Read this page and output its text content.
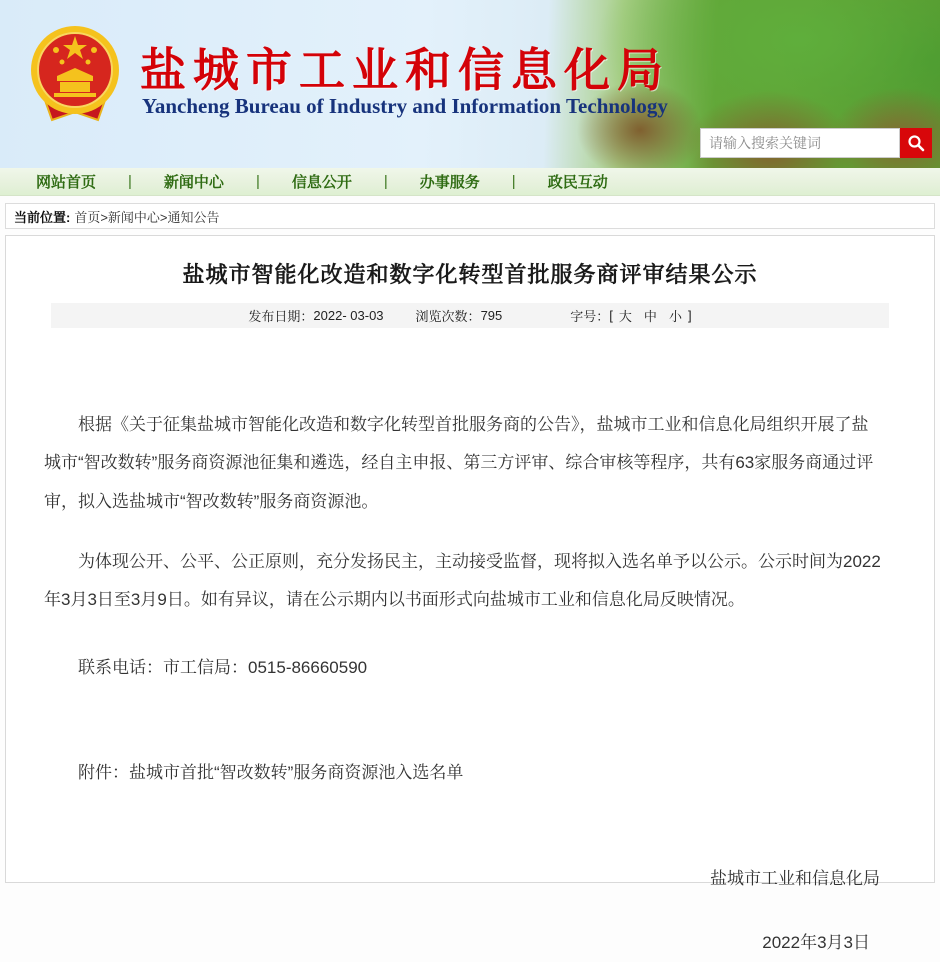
盐城市工业和信息化局
Yancheng Bureau of Industry and Information Technology
请输入搜索关键词
网站首页	|	新闻中心	|	信息公开	|	办事服务	|	政民互动
当前位置: 首页>新闻中心>通知公告
盐城市智能化改造和数字化转型首批服务商评审结果公示
发布日期： 2022- 03-03 浏览次数： 795	字号： [ 大 中 小 ]

根据《关于征集盐城市智能化改造和数字化转型首批服务商的公告》，盐城市工业和信息化局组织开展了盐城市“智改数转”服务商资源池征集和遴选，经自主申报、第三方评审、综合审核等程序，共有63家服务商通过评审，拟入选盐城市“智改数转”服务商资源池。

为体现公开、公平、公正原则，充分发扬民主，主动接受监督，现将拟入选名单予以公示。公示时间为2022年3月3日至3月9日。如有异议，请在公示期内以书面形式向盐城市工业和信息化局反映情况。

联系电话：市工信局：0515-86660590

附件：盐城市首批“智改数转”服务商资源池入选名单

盐城市工业和信息化局

2022年3月3日
